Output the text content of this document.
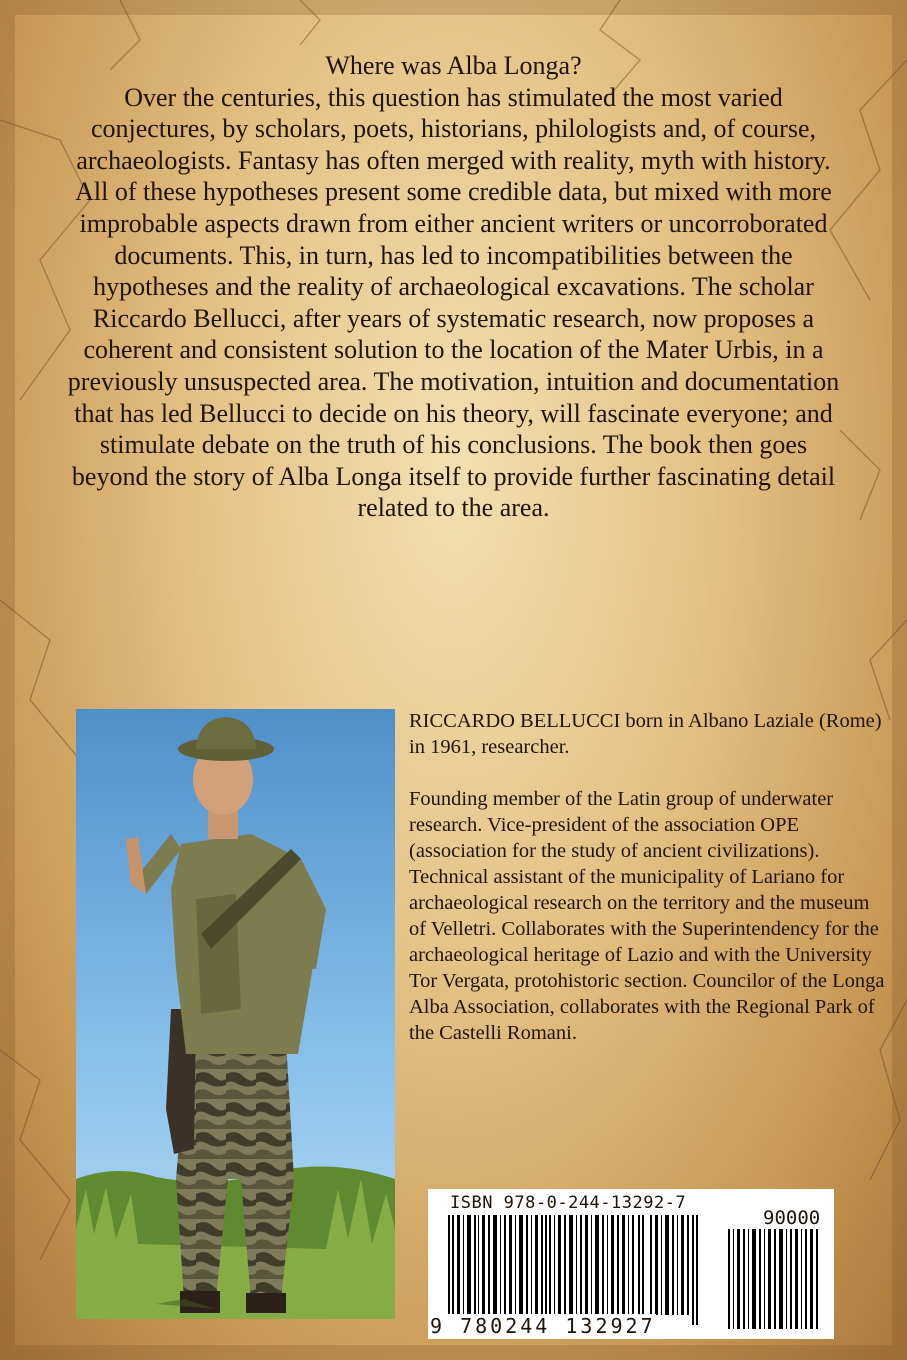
Where was Alba Longa?

Over the centuries, this question has stimulated the most varied conjectures, by scholars, poets, historians, philologists and, of course, archaeologists. Fantasy has often merged with reality, myth with history.

All of these hypotheses present some credible data, but mixed with more improbable aspects drawn from either ancient writers or uncorroborated documents. This, in turn, has led to incompatibilities between the hypotheses and the reality of archaeological excavations. The scholar Riccardo Bellucci, after years of systematic research, now proposes a coherent and consistent solution to the location of the Mater Urbis, in a previously unsuspected area. The motivation, intuition and documentation that has led Bellucci to decide on his theory, will fascinate everyone; and stimulate debate on the truth of his conclusions. The book then goes beyond the story of Alba Longa itself to provide further fascinating detail related to the area.

RICCARDO BELLUCCI born in Albano Laziale (Rome) in 1961, researcher.

Founding member of the Latin group of underwater research. Vice-president of the association OPE (association for the study of ancient civilizations). Technical assistant of the municipality of Lariano for archaeological research on the territory and the museum of Velletri. Collaborates with the Superintendency for the archaeological heritage of Lazio and with the University Tor Vergata, protohistoric section. Councilor of the Longa Alba Association, collaborates with the Regional Park of the Castelli Romani.

ISBN 978-0-244-13292-7
90000
9 780244 132927
